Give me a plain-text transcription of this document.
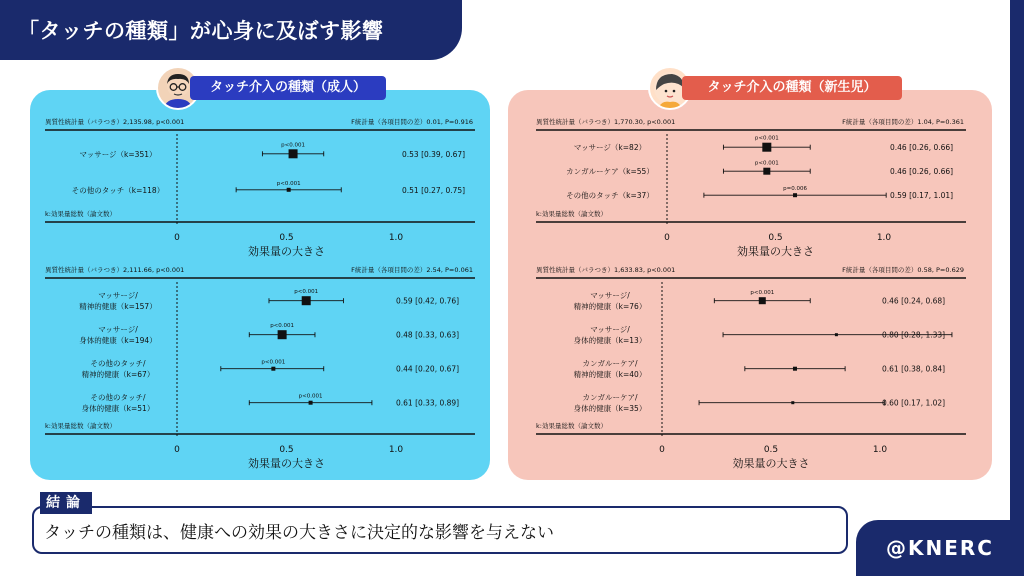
「タッチの種類」が心身に及ぼす影響
タッチ介入の種類（成人）	タッチ介入の種類（新生児）
異質性統計量（バラつき）2,135.98, p<0.001	F統計量（各項目間の差）0.01, P=0.916
k:効果量総数（論文数）
0	0.5	1.0
効果量の大きさ
マッサージ（k=351）
p<0.001
0.53 [0.39, 0.67]
その他のタッチ（k=118）
p<0.001
0.51 [0.27, 0.75]
異質性統計量（バラつき）2,111.66, p<0.001	F統計量（各項目間の差）2.54, P=0.061
k:効果量総数（論文数）
0	0.5	1.0
効果量の大きさ
マッサージ/
精神的健康（k=157）
p<0.001
0.59 [0.42, 0.76]
マッサージ/
身体的健康（k=194）
p<0.001
0.48 [0.33, 0.63]
その他のタッチ/
精神的健康（k=67）
p<0.001
0.44 [0.20, 0.67]
その他のタッチ/
身体的健康（k=51）
p<0.001
0.61 [0.33, 0.89]
異質性統計量（バラつき）1,770.30, p<0.001	F統計量（各項目間の差）1.04, P=0.361
k:効果量総数（論文数）
0	0.5	1.0
効果量の大きさ
マッサージ（k=82）
p<0.001
0.46 [0.26, 0.66]
カンガルーケア（k=55）
p<0.001
0.46 [0.26, 0.66]
その他のタッチ（k=37）
p=0.006
0.59 [0.17, 1.01]
異質性統計量（バラつき）1,633.83, p<0.001	F統計量（各項目間の差）0.58, P=0.629
k:効果量総数（論文数）
0	0.5	1.0
効果量の大きさ
マッサージ/
精神的健康（k=76）
p<0.001
0.46 [0.24, 0.68]
マッサージ/
身体的健康（k=13）
0.80 [0.28, 1.33]
カンガルーケア/
精神的健康（k=40）
0.61 [0.38, 0.84]
カンガルーケア/
身体的健康（k=35）
0.60 [0.17, 1.02]
タッチの種類は、健康への効果の大きさに決定的な影響を与えない
結論
@KNERC
